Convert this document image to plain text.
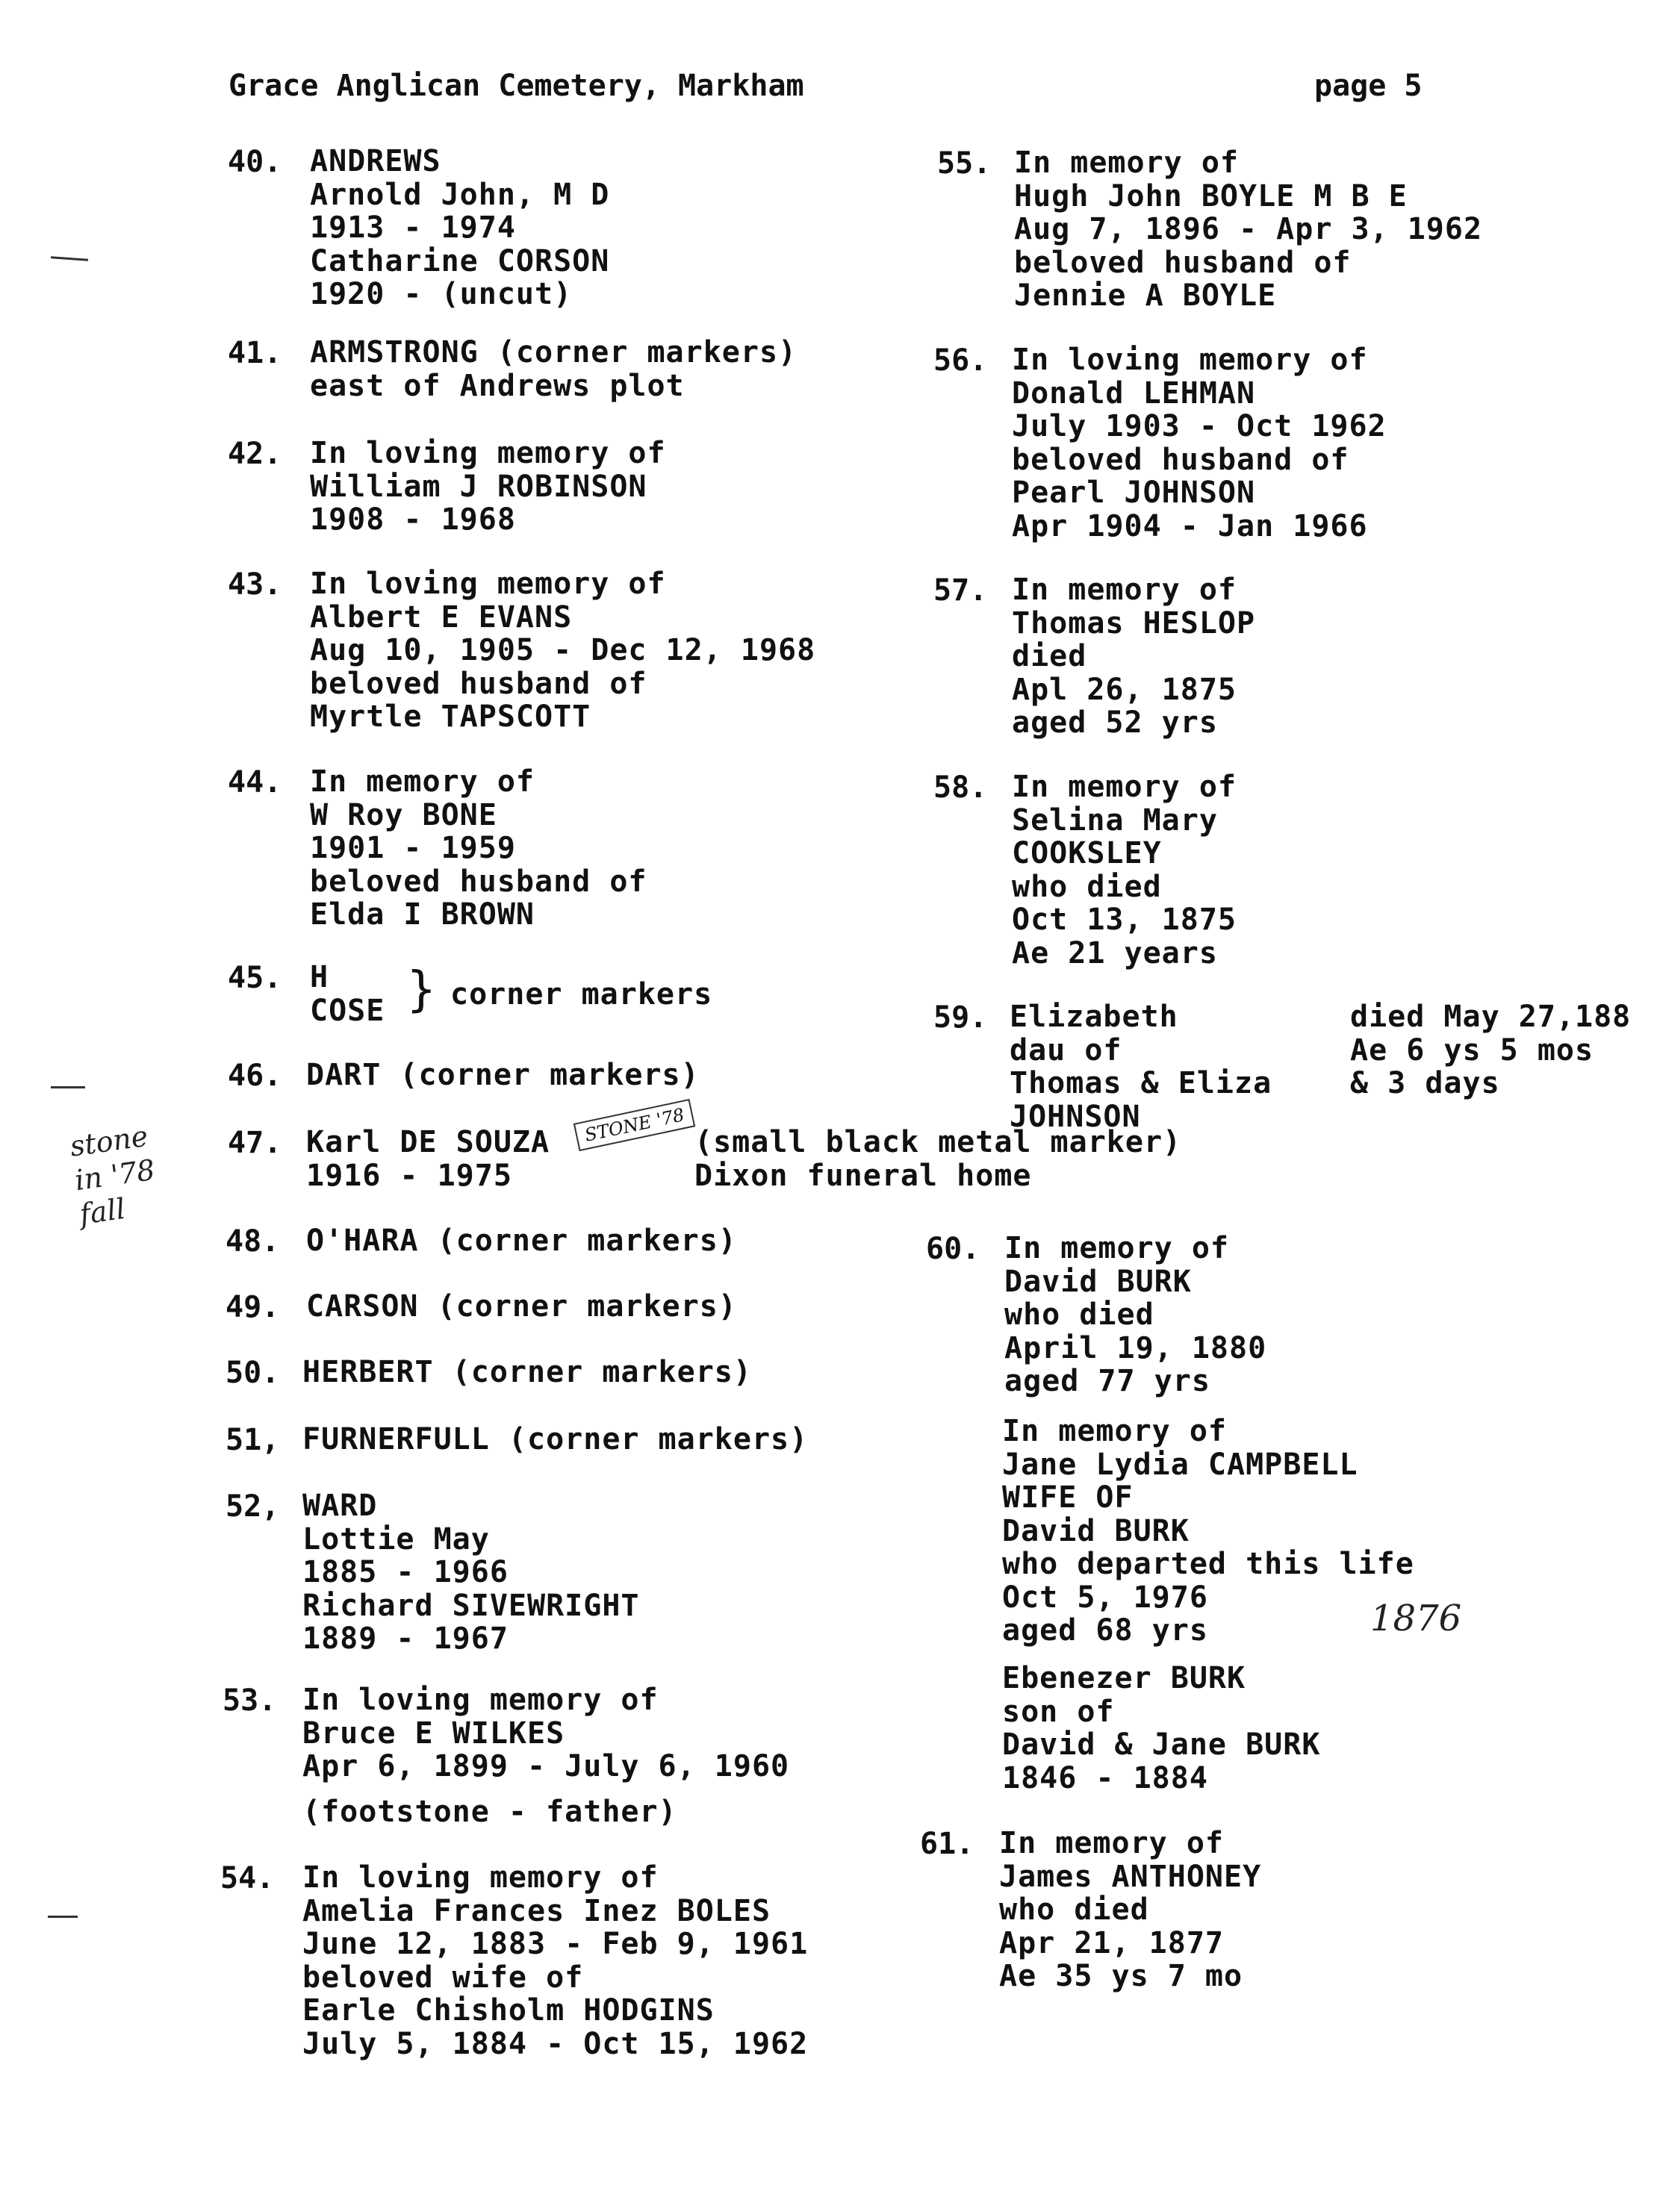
Grace Anglican Cemetery, Markham	page 5
40. ANDREWS
Arnold John, M D
1913 - 1974
Catharine CORSON
1920 - (uncut)
41. ARMSTRONG (corner markers)
east of Andrews plot
42. In loving memory of
William J ROBINSON
1908 - 1968
43. In loving memory of
Albert E EVANS
Aug 10, 1905 - Dec 12, 1968
beloved husband of
Myrtle TAPSCOTT
44. In memory of
W Roy BONE
1901 - 1959
beloved husband of
Elda I BROWN
45. H
COSE } corner markers
46. DART (corner markers)
47. Karl DE SOUZA
1916 - 1975
(small black metal marker)
Dixon funeral home
48. O'HARA (corner markers)
49. CARSON (corner markers)
50. HERBERT (corner markers)
51, FURNERFULL (corner markers)
52, WARD
Lottie May
1885 - 1966
Richard SIVEWRIGHT
1889 - 1967
53. In loving memory of
Bruce E WILKES
Apr 6, 1899 - July 6, 1960
(footstone - father)
54. In loving memory of
Amelia Frances Inez BOLES
June 12, 1883 - Feb 9, 1961
beloved wife of
Earle Chisholm HODGINS
July 5, 1884 - Oct 15, 1962
55. In memory of
Hugh John BOYLE M B E
Aug 7, 1896 - Apr 3, 1962
beloved husband of
Jennie A BOYLE
56. In loving memory of
Donald LEHMAN
July 1903 - Oct 1962
beloved husband of
Pearl JOHNSON
Apr 1904 - Jan 1966
57. In memory of
Thomas HESLOP
died
Apl 26, 1875
aged 52 yrs
58. In memory of
Selina Mary
COOKSLEY
who died
Oct 13, 1875
Ae 21 years
59. Elizabeth
dau of
Thomas & Eliza
JOHNSON
died May 27,188
Ae 6 ys 5 mos
& 3 days
60. In memory of
David BURK
who died
April 19, 1880
aged 77 yrs
In memory of
Jane Lydia CAMPBELL
WIFE OF
David BURK
who departed this life
Oct 5, 1976
aged 68 yrs
Ebenezer BURK
son of
David & Jane BURK
1846 - 1884
61. In memory of
James ANTHONEY
who died
Apr 21, 1877
Ae 35 ys 7 mo
stone
in '78
fall
STONE '78
1876
